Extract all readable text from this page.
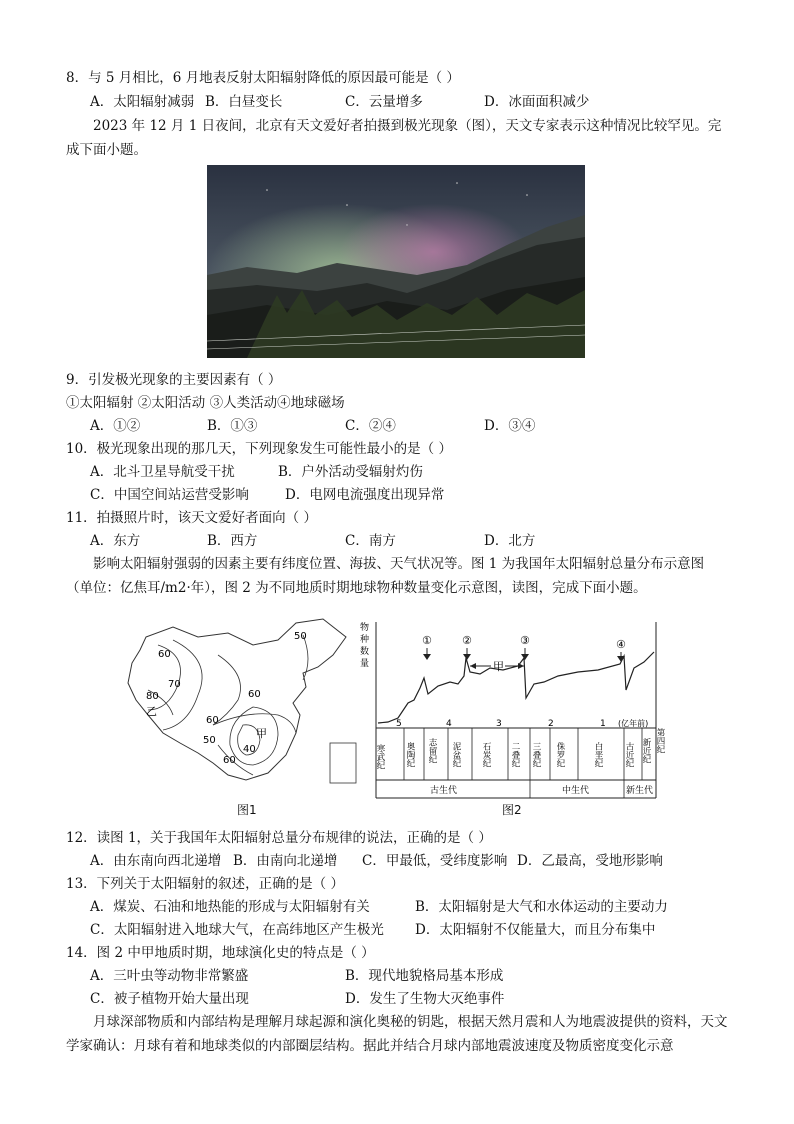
8．与 5 月相比，6 月地表反射太阳辐射降低的原因最可能是（ ）
A．太阳辐射减弱 B．白昼变长	C．云量增多	D．冰面面积减少
2023 年 12 月 1 日夜间，北京有天文爱好者拍摄到极光现象（图），天文专家表示这种情况比较罕见。完成下面小题。
9．引发极光现象的主要因素有（ ）
①太阳辐射 ②太阳活动 ③人类活动④地球磁场
A．①②	B．①③	C．②④	D．③④
10．极光现象出现的那几天，下列现象发生可能性最小的是（ ）
A．北斗卫星导航受干扰	B．户外活动受辐射灼伤
C．中国空间站运营受影响	D．电网电流强度出现异常
11．拍摄照片时，该天文爱好者面向（ ）
A．东方	B．西方	C．南方	D．北方
影响太阳辐射强弱的因素主要有纬度位置、海拔、天气状况等。图 1 为我国年太阳辐射总量分布示意图（单位：亿焦耳/m2·年），图 2 为不同地质时期地球物种数量变化示意图，读图，完成下面小题。
50
60
70
60
80
乙
60
50
甲
40
60
图1
物
种
数
量
①	②	③	④
甲
5	4	3	2	1 (亿年前)
寒武纪 奥陶纪 志留纪 泥盆纪 石炭纪 二叠纪 三叠纪 侏罗纪	白垩纪 古近纪 新近纪 第四纪
古生代	中生代	新生代
图2
12．读图 1，关于我国年太阳辐射总量分布规律的说法，正确的是（ ）
A．由东南向西北递增 B．由南向北递增 C．甲最低，受纬度影响 D．乙最高，受地形影响
13．下列关于太阳辐射的叙述，正确的是（ ）
A．煤炭、石油和地热能的形成与太阳辐射有关	B．太阳辐射是大气和水体运动的主要动力
C．太阳辐射进入地球大气，在高纬地区产生极光 D．太阳辐射不仅能量大，而且分布集中
14．图 2 中甲地质时期，地球演化史的特点是（ ）
A．三叶虫等动物非常繁盛	B．现代地貌格局基本形成
C．被子植物开始大量出现	D．发生了生物大灭绝事件
月球深部物质和内部结构是理解月球起源和演化奥秘的钥匙，根据天然月震和人为地震波提供的资料，天文学家确认：月球有着和地球类似的内部圈层结构。据此并结合月球内部地震波速度及物质密度变化示意
